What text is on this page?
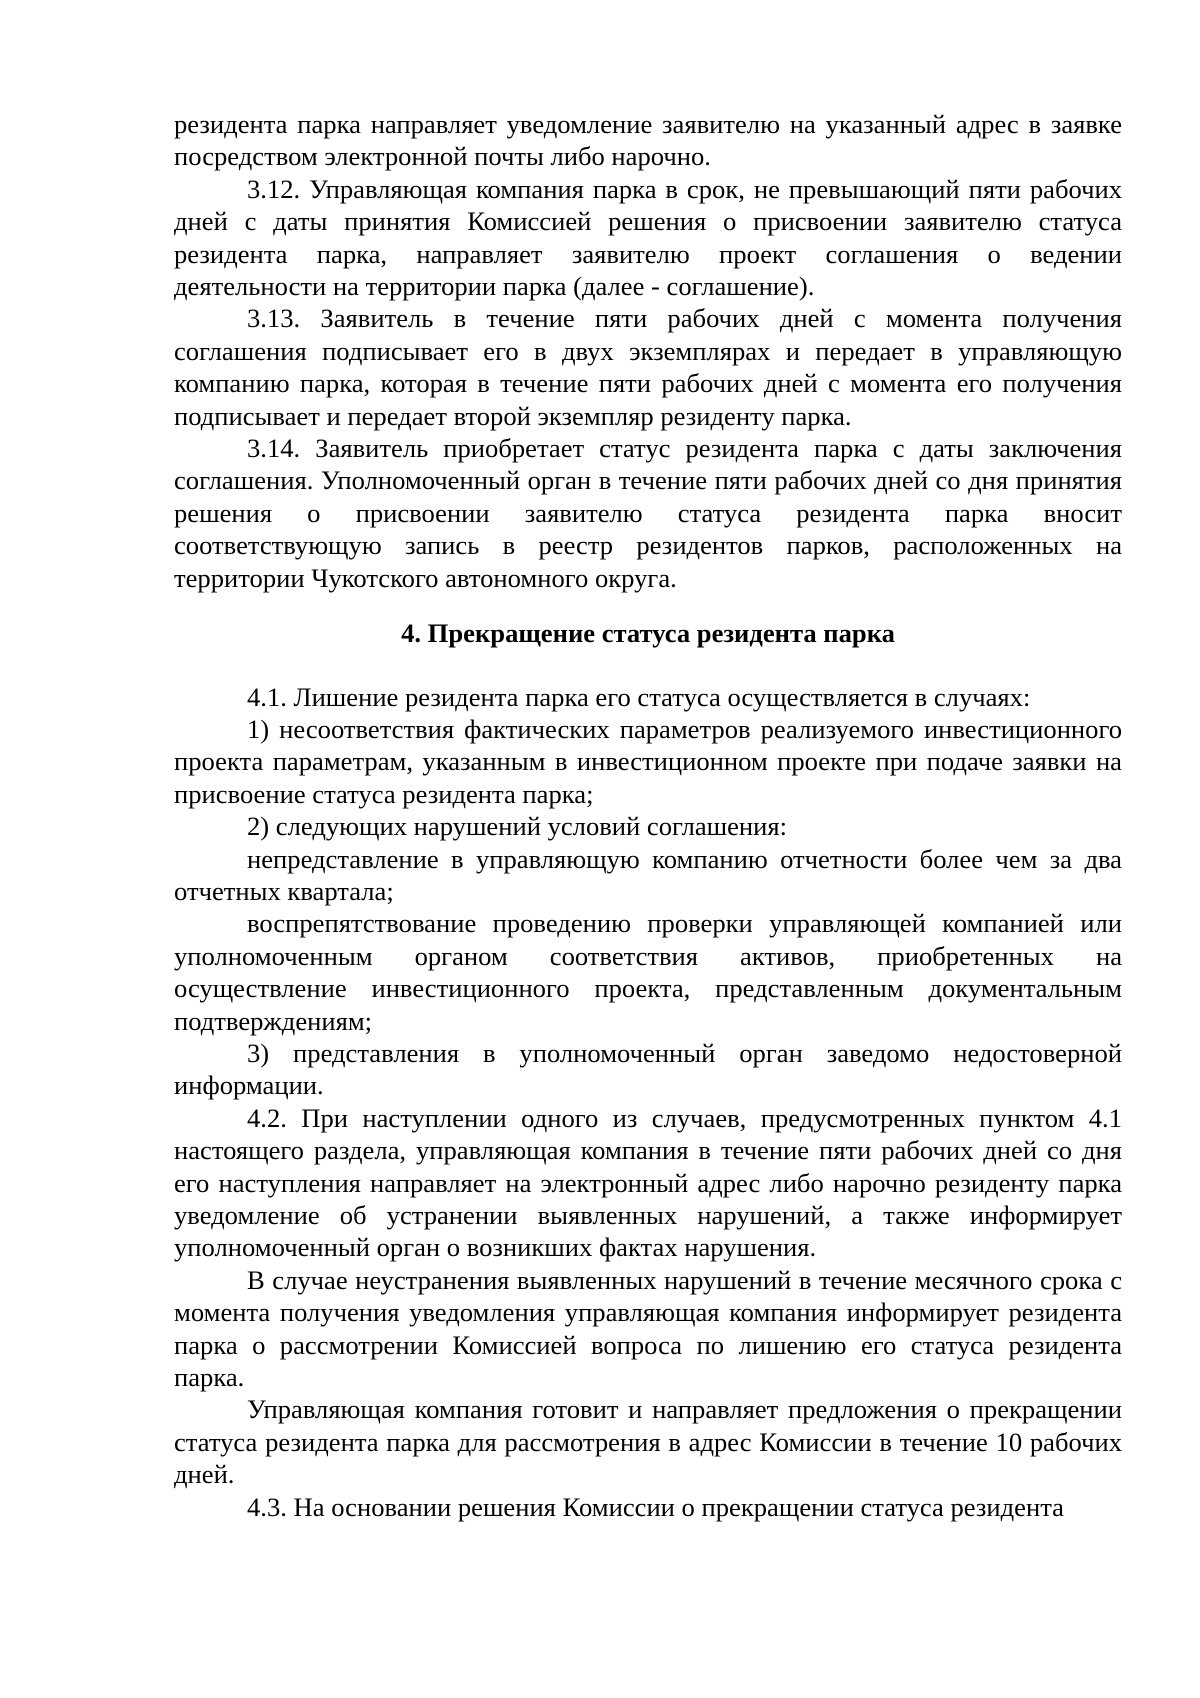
резидента парка направляет уведомление заявителю на указанный адрес в заявке посредством электронной почты либо нарочно.

3.12. Управляющая компания парка в срок, не превышающий пяти рабочих дней с даты принятия Комиссией решения о присвоении заявителю статуса резидента парка, направляет заявителю проект соглашения о ведении деятельности на территории парка (далее - соглашение).

3.13. Заявитель в течение пяти рабочих дней с момента получения соглашения подписывает его в двух экземплярах и передает в управляющую компанию парка, которая в течение пяти рабочих дней с момента его получения подписывает и передает второй экземпляр резиденту парка.

3.14. Заявитель приобретает статус резидента парка с даты заключения соглашения. Уполномоченный орган в течение пяти рабочих дней со дня принятия решения о присвоении заявителю статуса резидента парка вносит соответствующую запись в реестр резидентов парков, расположенных на территории Чукотского автономного округа.

4. Прекращение статуса резидента парка

4.1. Лишение резидента парка его статуса осуществляется в случаях:

1) несоответствия фактических параметров реализуемого инвестиционного проекта параметрам, указанным в инвестиционном проекте при подаче заявки на присвоение статуса резидента парка;

2) следующих нарушений условий соглашения:

непредставление в управляющую компанию отчетности более чем за два отчетных квартала;

воспрепятствование проведению проверки управляющей компанией или уполномоченным органом соответствия активов, приобретенных на осуществление инвестиционного проекта, представленным документальным подтверждениям;

3) представления в уполномоченный орган заведомо недостоверной информации.

4.2. При наступлении одного из случаев, предусмотренных пунктом 4.1 настоящего раздела, управляющая компания в течение пяти рабочих дней со дня его наступления направляет на электронный адрес либо нарочно резиденту парка уведомление об устранении выявленных нарушений, а также информирует уполномоченный орган о возникших фактах нарушения.

В случае неустранения выявленных нарушений в течение месячного срока с момента получения уведомления управляющая компания информирует резидента парка о рассмотрении Комиссией вопроса по лишению его статуса резидента парка.

Управляющая компания готовит и направляет предложения о прекращении статуса резидента парка для рассмотрения в адрес Комиссии в течение 10 рабочих дней.

4.3. На основании решения Комиссии о прекращении статуса резидента
